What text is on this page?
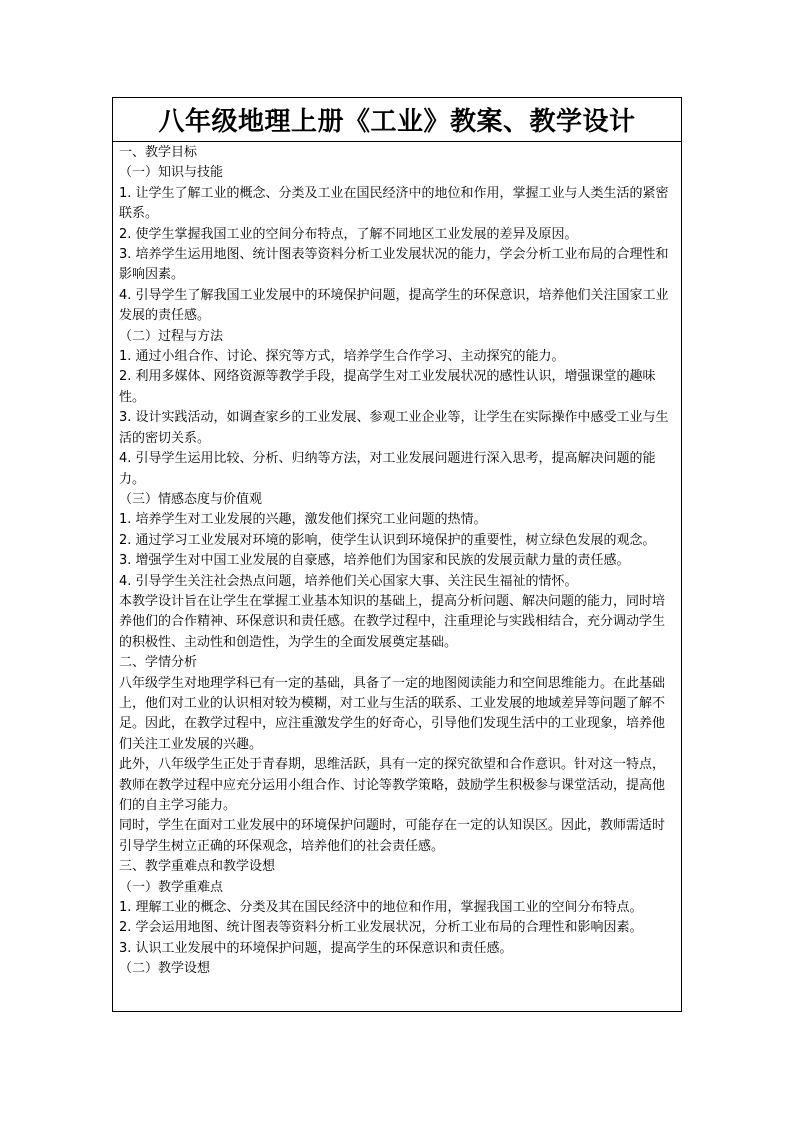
八年级地理上册《工业》教案、教学设计

一、教学目标

（一）知识与技能

1. 让学生了解工业的概念、分类及工业在国民经济中的地位和作用，掌握工业与人类生活的紧密联系。

2. 使学生掌握我国工业的空间分布特点，了解不同地区工业发展的差异及原因。

3. 培养学生运用地图、统计图表等资料分析工业发展状况的能力，学会分析工业布局的合理性和影响因素。

4. 引导学生了解我国工业发展中的环境保护问题，提高学生的环保意识，培养他们关注国家工业发展的责任感。

（二）过程与方法

1. 通过小组合作、讨论、探究等方式，培养学生合作学习、主动探究的能力。

2. 利用多媒体、网络资源等教学手段，提高学生对工业发展状况的感性认识，增强课堂的趣味性。

3. 设计实践活动，如调查家乡的工业发展、参观工业企业等，让学生在实际操作中感受工业与生活的密切关系。

4. 引导学生运用比较、分析、归纳等方法，对工业发展问题进行深入思考，提高解决问题的能力。

（三）情感态度与价值观

1. 培养学生对工业发展的兴趣，激发他们探究工业问题的热情。

2. 通过学习工业发展对环境的影响，使学生认识到环境保护的重要性，树立绿色发展的观念。

3. 增强学生对中国工业发展的自豪感，培养他们为国家和民族的发展贡献力量的责任感。

4. 引导学生关注社会热点问题，培养他们关心国家大事、关注民生福祉的情怀。

本教学设计旨在让学生在掌握工业基本知识的基础上，提高分析问题、解决问题的能力，同时培养他们的合作精神、环保意识和责任感。在教学过程中，注重理论与实践相结合，充分调动学生的积极性、主动性和创造性，为学生的全面发展奠定基础。

二、学情分析

八年级学生对地理学科已有一定的基础，具备了一定的地图阅读能力和空间思维能力。在此基础上，他们对工业的认识相对较为模糊，对工业与生活的联系、工业发展的地域差异等问题了解不足。因此，在教学过程中，应注重激发学生的好奇心，引导他们发现生活中的工业现象，培养他们关注工业发展的兴趣。

此外，八年级学生正处于青春期，思维活跃，具有一定的探究欲望和合作意识。针对这一特点，教师在教学过程中应充分运用小组合作、讨论等教学策略，鼓励学生积极参与课堂活动，提高他们的自主学习能力。

同时，学生在面对工业发展中的环境保护问题时，可能存在一定的认知误区。因此，教师需适时引导学生树立正确的环保观念，培养他们的社会责任感。

三、教学重难点和教学设想

（一）教学重难点

1. 理解工业的概念、分类及其在国民经济中的地位和作用，掌握我国工业的空间分布特点。

2. 学会运用地图、统计图表等资料分析工业发展状况，分析工业布局的合理性和影响因素。

3. 认识工业发展中的环境保护问题，提高学生的环保意识和责任感。

（二）教学设想
